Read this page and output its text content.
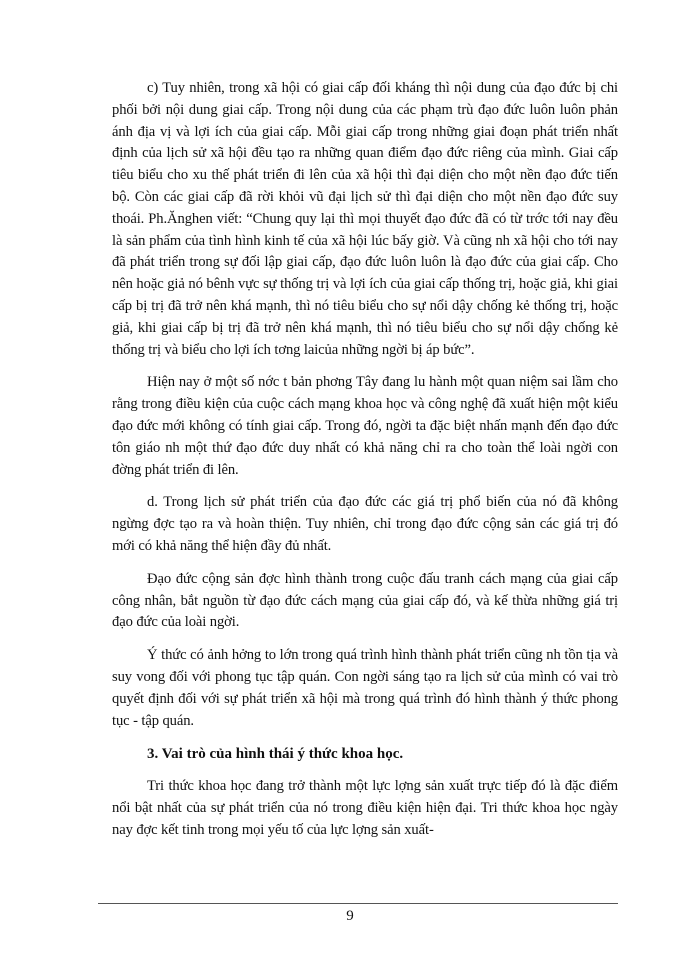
c) Tuy nhiên, trong xã hội có giai cấp đối kháng thì nội dung của đạo đức bị chi phối bởi nội dung giai cấp. Trong nội dung của các phạm trù đạo đức luôn luôn phản ánh địa vị và lợi ích của giai cấp. Mỗi giai cấp trong những giai đoạn phát triển nhất định của lịch sử xã hội đều tạo ra những quan điểm đạo đức riêng của mình. Giai cấp tiêu biểu cho xu thế phát triển đi lên của xã hội thì đại diện cho một nền đạo đức tiến bộ. Còn các giai cấp đã rời khỏi vũ đại lịch sử thì đại diện cho một nền đạo đức suy thoái. Ph.Ănghen viết: “Chung quy lại thì mọi thuyết đạo đức đã có từ trớc tới nay đều là sản phẩm của tình hình kinh tế của xã hội lúc bấy giờ. Và cũng nh xã hội cho tới nay đã phát triển trong sự đối lập giai cấp, đạo đức luôn luôn là đạo đức của giai cấp. Cho nên hoặc giả nó bênh vực sự thống trị và lợi ích của giai cấp thống trị, hoặc giả, khi giai cấp bị trị đã trở nên khá mạnh, thì nó tiêu biểu cho sự nổi dậy chống kẻ thống trị, hoặc giả, khi giai cấp bị trị đã trở nên khá mạnh, thì nó tiêu biểu cho sự nổi dậy chống kẻ thống trị và biểu cho lợi ích tơng laicủa những ngời bị áp bức”.

Hiện nay ở một số nớc t bản phơng Tây đang lu hành một quan niệm sai lầm cho rằng trong điều kiện của cuộc cách mạng khoa học và công nghệ đã xuất hiện một kiểu đạo đức mới không có tính giai cấp. Trong đó, ngời ta đặc biệt nhấn mạnh đến đạo đức tôn giáo nh một thứ đạo đức duy nhất có khả năng chỉ ra cho toàn thể loài ngời con đờng phát triển đi lên.

d. Trong lịch sử phát triển của đạo đức các giá trị phổ biến của nó đã không ngừng đợc tạo ra và hoàn thiện. Tuy nhiên, chỉ trong đạo đức cộng sản các giá trị đó mới có khả năng thể hiện đầy đủ nhất.

Đạo đức cộng sản đợc hình thành trong cuộc đấu tranh cách mạng của giai cấp công nhân, bắt nguồn từ đạo đức cách mạng của giai cấp đó, và kế thừa những giá trị đạo đức của loài ngời.

Ý thức có ảnh hởng to lớn trong quá trình hình thành phát triển cũng nh tồn tịa và suy vong đối với phong tục tập quán. Con ngời sáng tạo ra lịch sử của mình có vai trò quyết định đối với sự phát triển xã hội mà trong quá trình đó hình thành ý thức phong tục - tập quán.

3. Vai trò của hình thái ý thức khoa học.

Tri thức khoa học đang trở thành một lực lợng sản xuất trực tiếp đó là đặc điểm nổi bật nhất của sự phát triển của nó trong điều kiện hiện đại. Tri thức khoa học ngày nay đợc kết tinh trong mọi yếu tố của lực lợng sản xuất-

9
